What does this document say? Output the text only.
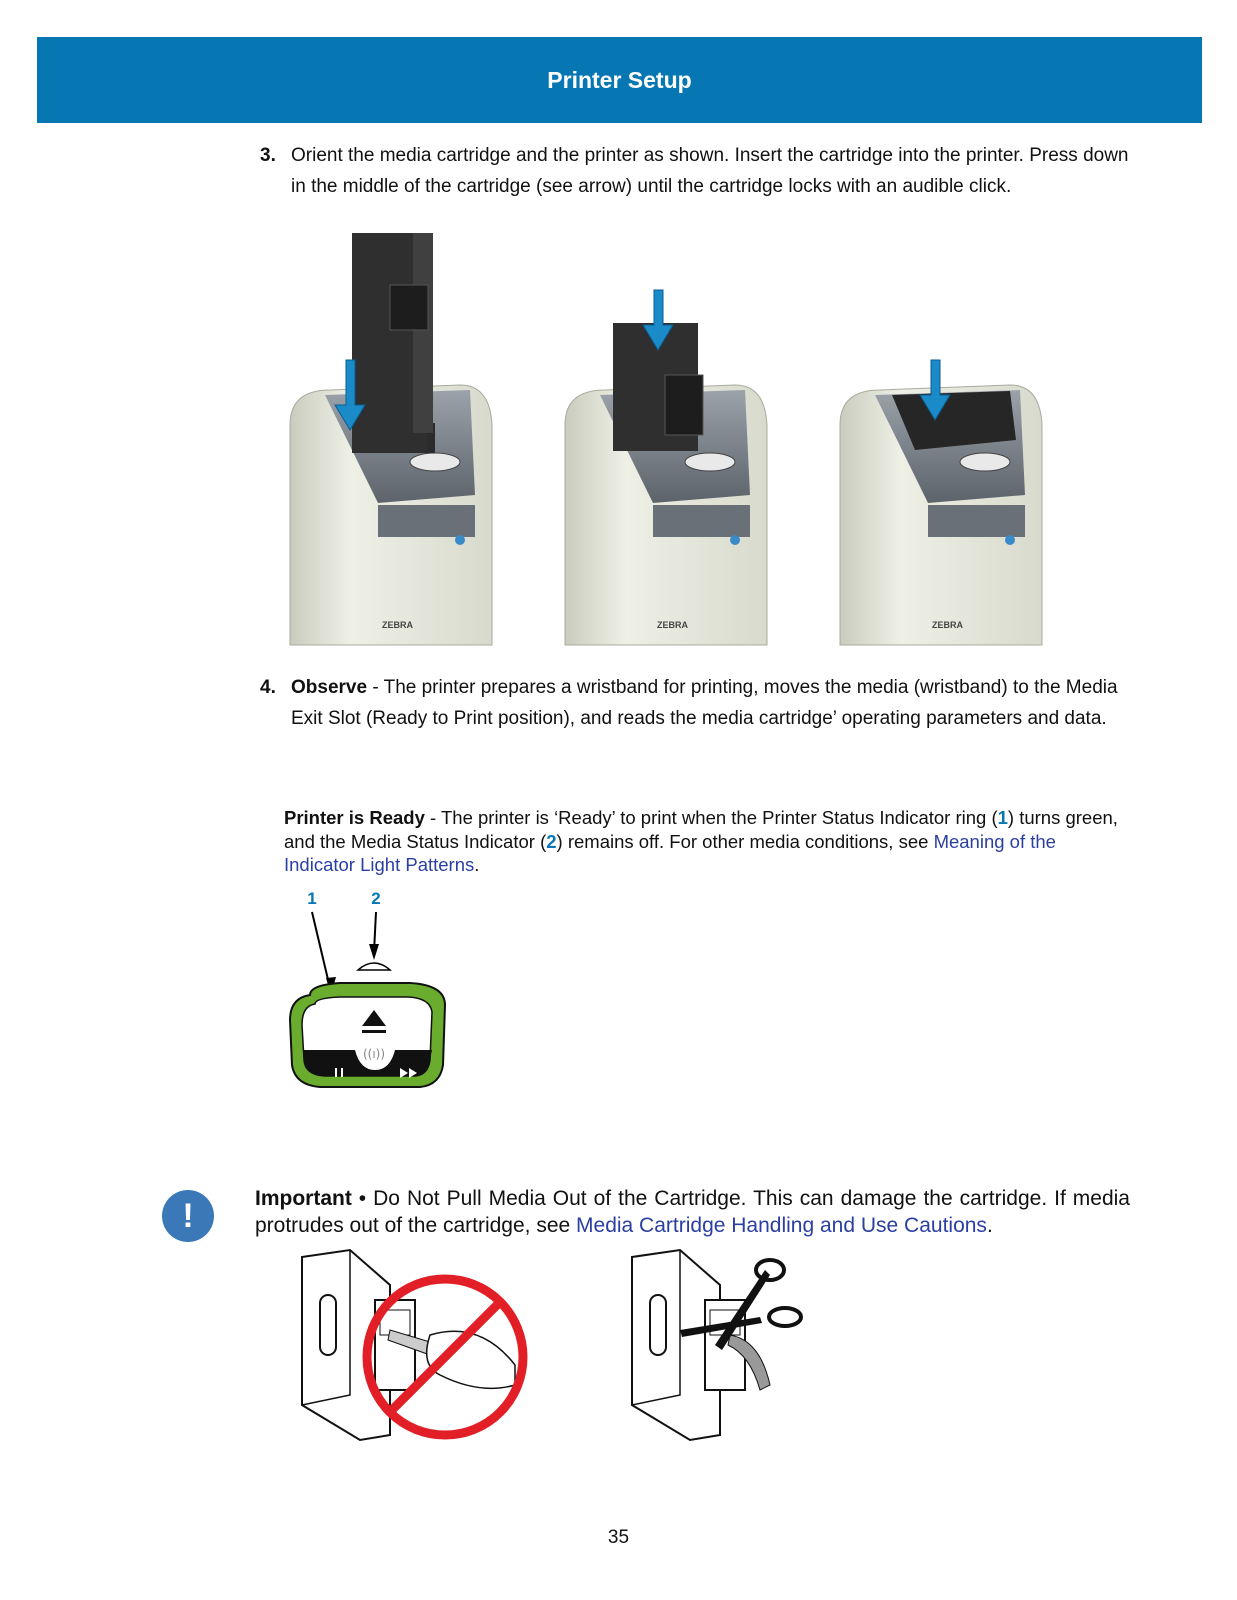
Printer Setup
3. Orient the media cartridge and the printer as shown. Insert the cartridge into the printer. Press down in the middle of the cartridge (see arrow) until the cartridge locks with an audible click.
ZEBRA	ZEBRA	ZEBRA
4. Observe - The printer prepares a wristband for printing, moves the media (wristband) to the Media Exit Slot (Ready to Print position), and reads the media cartridge’ operating parameters and data.
Printer is Ready - The printer is ‘Ready’ to print when the Printer Status Indicator ring (1) turns green, and the Media Status Indicator (2) remains off. For other media conditions, see Meaning of the Indicator Light Patterns.
1	2
((ı))
!	Important • Do Not Pull Media Out of the Cartridge. This can damage the cartridge. If media protrudes out of the cartridge, see Media Cartridge Handling and Use Cautions.
35
